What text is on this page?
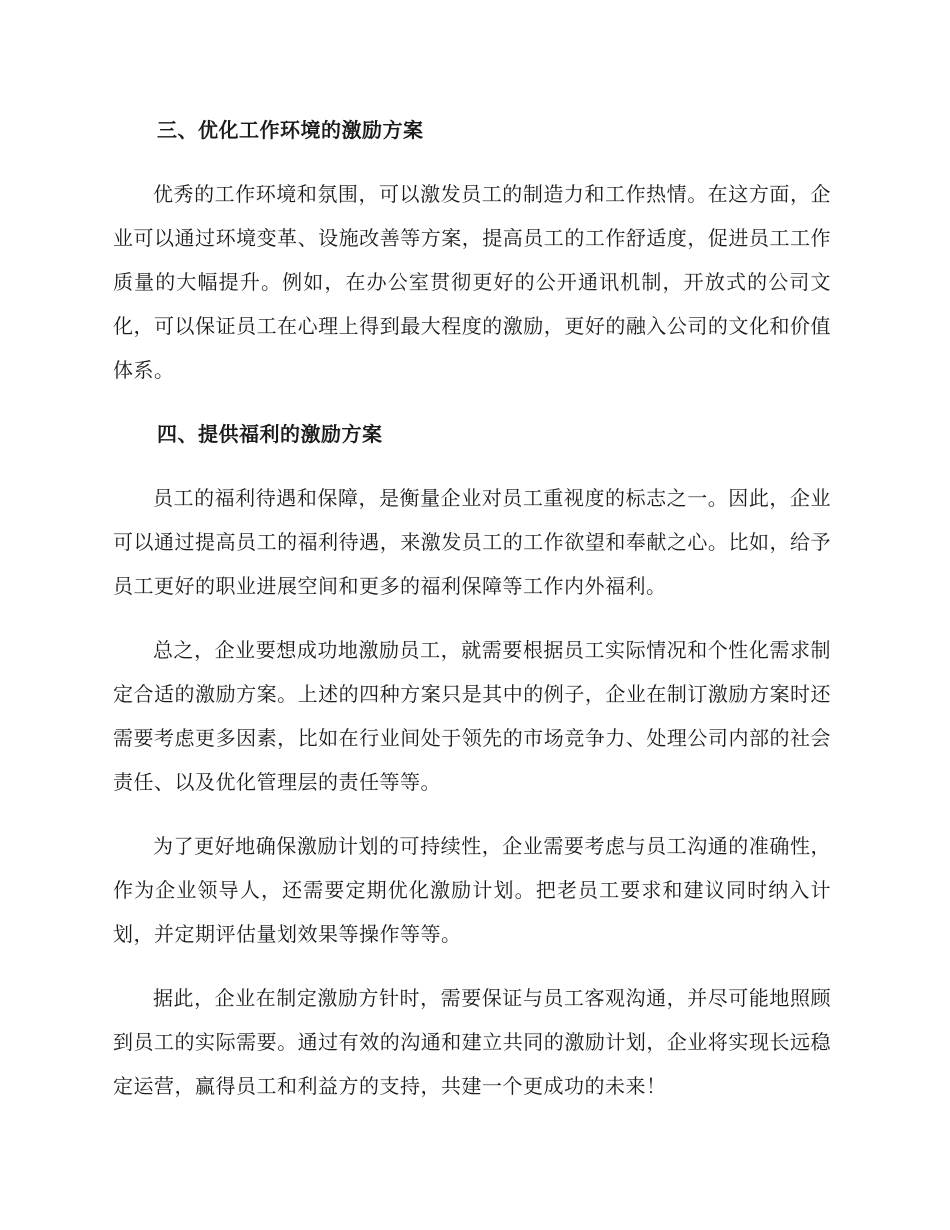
三、优化工作环境的激励方案

优秀的工作环境和氛围，可以激发员工的制造力和工作热情。在这方面，企业可以通过环境变革、设施改善等方案，提高员工的工作舒适度，促进员工工作质量的大幅提升。例如，在办公室贯彻更好的公开通讯机制，开放式的公司文化，可以保证员工在心理上得到最大程度的激励，更好的融入公司的文化和价值体系。

四、提供福利的激励方案

员工的福利待遇和保障，是衡量企业对员工重视度的标志之一。因此，企业可以通过提高员工的福利待遇，来激发员工的工作欲望和奉献之心。比如，给予员工更好的职业进展空间和更多的福利保障等工作内外福利。

总之，企业要想成功地激励员工，就需要根据员工实际情况和个性化需求制定合适的激励方案。上述的四种方案只是其中的例子，企业在制订激励方案时还需要考虑更多因素，比如在行业间处于领先的市场竞争力、处理公司内部的社会责任、以及优化管理层的责任等等。

为了更好地确保激励计划的可持续性，企业需要考虑与员工沟通的准确性，作为企业领导人，还需要定期优化激励计划。把老员工要求和建议同时纳入计划，并定期评估量划效果等操作等等。

据此，企业在制定激励方针时，需要保证与员工客观沟通，并尽可能地照顾到员工的实际需要。通过有效的沟通和建立共同的激励计划，企业将实现长远稳定运营，赢得员工和利益方的支持，共建一个更成功的未来！
